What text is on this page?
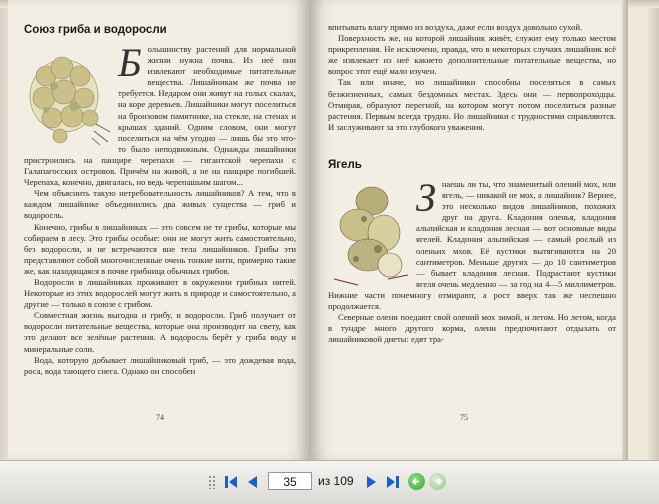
Союз гриба и водоросли
Б ольшинству растений для нормальной жизни нужна почва. Из неё они извлекают необходимые питательные вещества. Лишайникам же почва не требуется. Недаром они живут на голых скалах, на коре деревьев. Лишайники могут поселиться на бронзовом памятнике, на стекле, на стенах и крышах зданий. Одним словом, они могут поселиться на чём угодно — лишь бы это что-то было неподвижным. Однажды лишайники пристроились на панцире черепахи — гигантской черепахи с Галапагосских островов. Причём на живой, а не на панцире погибшей. Черепаха, конечно, двигалась, но ведь черепашьим шагом...

Чем объяснить такую нетребовательность лишайников? А тем, что в каждом лишайнике объединились два живых существа — гриб и водоросль.

Конечно, грибы в лишайниках — это совсем не те грибы, которые мы собираем в лесу. Это грибы особые: они не могут жить самостоятельно, без водоросли, и не встречаются вне тела лишайников. Грибы эти представляют собой многочисленные очень тонкие нити, примерно такие же, как находящаяся в почве грибница обычных грибов.

Водоросли в лишайниках проживают в окружении грибных нитей. Некоторые из этих водорослей могут жить в природе и самостоятельно, а другие — только в союзе с грибом.

Совместная жизнь выгодна и грибу, и водоросли. Гриб получает от водоросли питательные вещества, которые она производит на свету, как это делают все зелёные растения. А водоросль берёт у гриба воду и минеральные соли.

Вода, которую добывает лишайниковый гриб, — это дождевая вода, роса, вода тающего снега. Однако он способен

74

впитывать влагу прямо из воздуха, даже если воздух довольно сухой.

Поверхность же, на которой лишайник живёт, служит ему только местом прикрепления. Не исключено, правда, что в некоторых случаях лишайник всё же извлекает из неё какието дополнительные питательные вещества, но вопрос этот ещё мало изучен.

Так или иначе, но лишайники способны поселяться в самых безжизненных, самых бездомных местах. Здесь они — первопроходцы. Отмирая, образуют перегной, на котором могут потом поселиться разные растения. Первым всегда трудно. Но лишайники с трудностями справляются. И заслуживают за это глубокого уважения.

Ягель
З наешь ли ты, что знаменитый олений мох, или ягель, — никакой не мох, а лишайник? Вернее, это несколько видов лишайников, похожих друг на друга. Кладония оленья, кладония альпийская и кладония лесная — вот основные виды ягелей. Кладония альпийская — самый рослый из оленьих мхов. Её кустики вытягиваются на 20 сантиметров. Меньше других — до 10 сантиметров — бывает кладония лесная. Подрастают кустики ягеля очень медленно — за год на 4—5 миллиметров. Нижние части понемногу отмирают, а рост вверх так же неспешно продолжается.

Северные олени поедают свой олений мох зимой, и летом. Но летом, когда в тундре много другого корма, олени предпочитают отдыхать от лишайниковой диеты: едят тра-

75
35	из 109
